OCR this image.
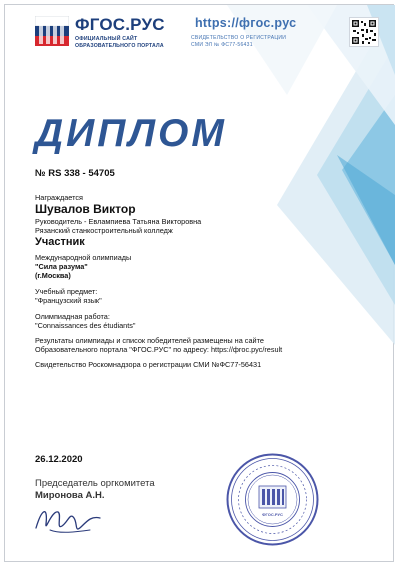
ФГОС.РУС
ОФИЦИАЛЬНЫЙ САЙТ
ОБРАЗОВАТЕЛЬНОГО ПОРТАЛА
https://фгос.рус
СВИДЕТЕЛЬСТВО О РЕГИСТРАЦИИ
СМИ ЭЛ № ФС77-56431
ДИПЛОМ
№ RS 338 - 54705
Награждается
Шувалов Виктор
Руководитель - Евлампиева Татьяна Викторовна
Рязанский станкостроительный колледж
Участник
Международной олимпиады
"Сила разума"
(г.Москва)
Учебный предмет:
"Французский язык"
Олимпиадная работа:
"Connaissances des étudiants"
Результаты олимпиады и список победителей размещены на сайте
Образовательного портала "ФГОС.РУС" по адресу: https://фгос.рус/result
Свидетельство Роскомнадзора о регистрации СМИ №ФС77-56431
26.12.2020
Председатель оргкомитета
Миронова А.Н.
ФГОС.РУС
